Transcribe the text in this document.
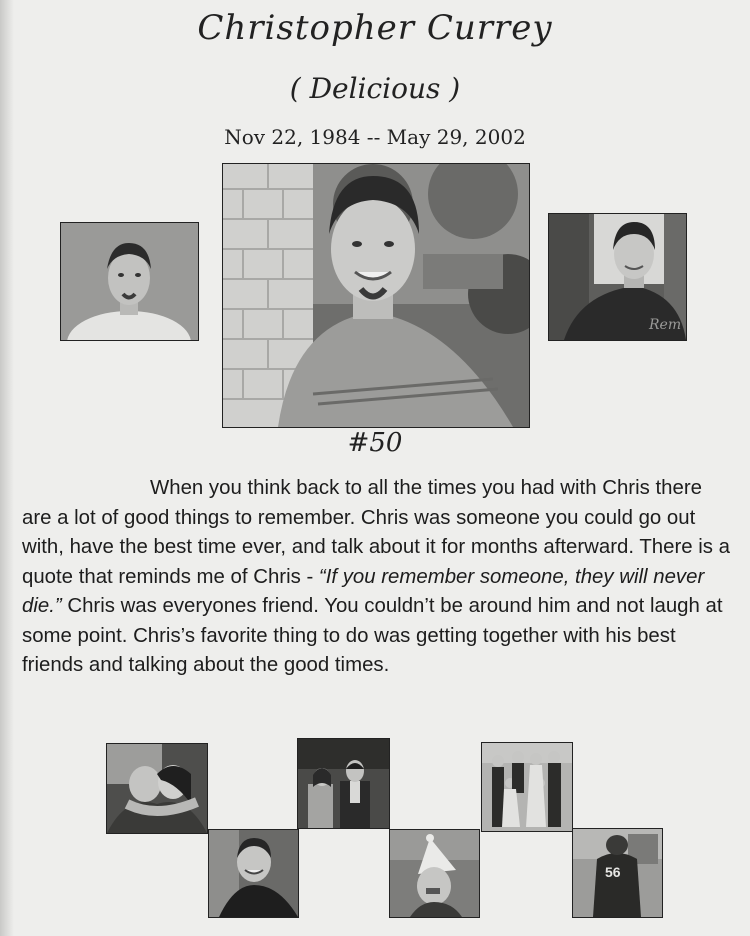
Christopher Currey
( Delicious )
Nov 22, 1984 -- May 29, 2002
Rem
#50

When you think back to all the times you had with Chris there are a lot of good things to remember. Chris was someone you could go out with, have the best time ever, and talk about it for months afterward. There is a quote that reminds me of Chris - “If you remember someone, they will never die.” Chris was everyones friend. You couldn’t be around him and not laugh at some point. Chris’s favorite thing to do was getting together with his best friends and talking about the good times.

56
